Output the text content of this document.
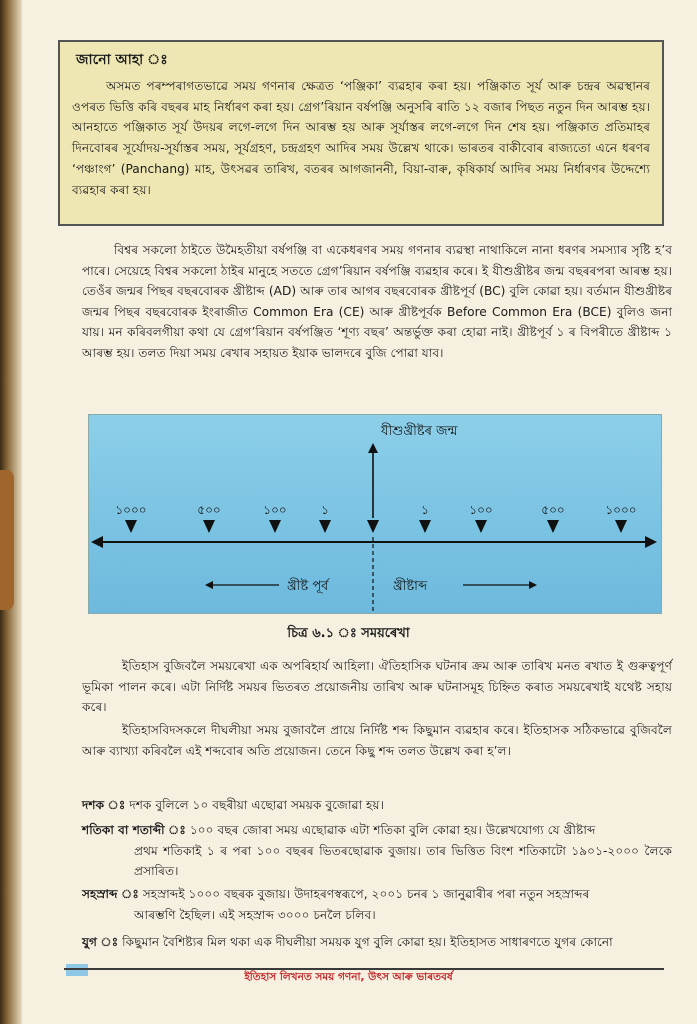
জানো আহা ঃ

অসমত পৰম্পৰাগতভাৱে সময় গণনাৰ ক্ষেত্ৰত ‘পঞ্জিকা’ ব্যৱহাৰ কৰা হয়। পঞ্জিকাত সূৰ্য আৰু চন্দ্ৰৰ অৱস্থানৰ ওপৰত ভিত্তি কৰি বছৰৰ মাহ নিৰ্ধাৰণ কৰা হয়। গ্ৰেগ’ৰিয়ান বৰ্ষপঞ্জি অনুসৰি ৰাতি ১২ বজাৰ পিছত নতুন দিন আৰম্ভ হয়। আনহাতে পঞ্জিকাত সূৰ্য উদয়ৰ লগে-লগে দিন আৰম্ভ হয় আৰু সূৰ্যাস্তৰ লগে-লগে দিন শেষ হয়। পঞ্জিকাত প্ৰতিমাহৰ দিনবোৰৰ সূৰ্যোদয়-সূৰ্যাস্তৰ সময়, সূৰ্যগ্ৰহণ, চন্দ্ৰগ্ৰহণ আদিৰ সময় উল্লেখ থাকে। ভাৰতৰ বাকীবোৰ ৰাজ্যতো এনে ধৰণৰ ‘পঞ্চাংগ’ (Panchang) মাহ, উৎসৱৰ তাৰিখ, বতৰৰ আগজাননী, বিয়া-বাৰু, কৃষিকাৰ্য আদিৰ সময় নিৰ্ধাৰণৰ উদ্দেশ্যে ব্যৱহাৰ কৰা হয়।

বিশ্বৰ সকলো ঠাইতে উমৈহতীয়া বৰ্ষপঞ্জি বা একেধৰণৰ সময় গণনাৰ ব্যৱস্থা নাথাকিলে নানা ধৰণৰ সমস্যাৰ সৃষ্টি হ’ব পাৰে। সেয়েহে বিশ্বৰ সকলো ঠাইৰ মানুহে সততে গ্ৰেগ’ৰিয়ান বৰ্ষপঞ্জি ব্যৱহাৰ কৰে। ই যীশুখ্ৰীষ্টৰ জন্ম বছৰৰপৰা আৰম্ভ হয়। তেওঁৰ জন্মৰ পিছৰ বছৰবোৰক খ্ৰীষ্টাব্দ (AD) আৰু তাৰ আগৰ বছৰবোৰক খ্ৰীষ্টপূৰ্ব (BC) বুলি কোৱা হয়। বৰ্তমান যীশুখ্ৰীষ্টৰ জন্মৰ পিছৰ বছৰবোৰক ইংৰাজীত Common Era (CE) আৰু খ্ৰীষ্টপূৰ্বক Before Common Era (BCE) বুলিও জনা যায়। মন কৰিবলগীয়া কথা যে গ্ৰেগ’ৰিয়ান বৰ্ষপঞ্জিত ‘শূণ্য বছৰ’ অন্তৰ্ভুক্ত কৰা হোৱা নাই। খ্ৰীষ্টপূৰ্ব ১ ৰ বিপৰীতে খ্ৰীষ্টাব্দ ১ আৰম্ভ হয়। তলত দিয়া সময় ৰেখাৰ সহায়ত ইয়াক ভালদৰে বুজি পোৱা যাব।

যীশুখ্ৰীষ্টৰ জন্ম
১০০০	৫০০	১০০	১	১	১০০	৫০০	১০০০
খ্ৰীষ্ট পূৰ্ব	খ্ৰীষ্টাব্দ
চিত্ৰ ৬.১ ঃ সময়ৰেখা

ইতিহাস বুজিবলৈ সময়ৰেখা এক অপৰিহাৰ্য আহিলা। ঐতিহাসিক ঘটনাৰ ক্ৰম আৰু তাৰিখ মনত ৰখাত ই গুৰুত্বপূৰ্ণ ভূমিকা পালন কৰে। এটা নিৰ্দিষ্ট সময়ৰ ভিতৰত প্ৰয়োজনীয় তাৰিখ আৰু ঘটনাসমূহ চিহ্নিত কৰাত সময়ৰেখাই যথেষ্ট সহায় কৰে।

ইতিহাসবিদসকলে দীঘলীয়া সময় বুজাবলৈ প্ৰায়ে নিৰ্দিষ্ট শব্দ কিছুমান ব্যৱহাৰ কৰে। ইতিহাসক সঠিকভাৱে বুজিবলৈ আৰু ব্যাখ্যা কৰিবলৈ এই শব্দবোৰ অতি প্ৰয়োজন। তেনে কিছু শব্দ তলত উল্লেখ কৰা হ’ল।

দশক ঃ দশক বুলিলে ১০ বছৰীয়া এছোৱা সময়ক বুজোৱা হয়।

শতিকা বা শতাব্দী ঃ ১০০ বছৰ জোৰা সময় এছোৱাক এটা শতিকা বুলি কোৱা হয়। উল্লেখযোগ্য যে খ্ৰীষ্টাব্দ
প্ৰথম শতিকাই ১ ৰ পৰা ১০০ বছৰৰ ভিতৰছোৱাক বুজায়। তাৰ ভিত্তিত বিংশ শতিকাটো ১৯০১-২০০০ লৈকে প্ৰসাৰিত।

সহস্ৰাব্দ ঃ সহস্ৰাব্দই ১০০০ বছৰক বুজায়। উদাহৰণস্বৰূপে, ২০০১ চনৰ ১ জানুৱাৰীৰ পৰা নতুন সহস্ৰাব্দৰ
আৰম্ভণি হৈছিল। এই সহস্ৰাব্দ ৩০০০ চনলৈ চলিব।

যুগ ঃ কিছুমান বৈশিষ্ট্যৰ মিল থকা এক দীঘলীয়া সময়ক যুগ বুলি কোৱা হয়। ইতিহাসত সাধাৰণতে যুগৰ কোনো

ইতিহাস লিখনত সময় গণনা, উৎস আৰু ভাৰতবৰ্ষ
